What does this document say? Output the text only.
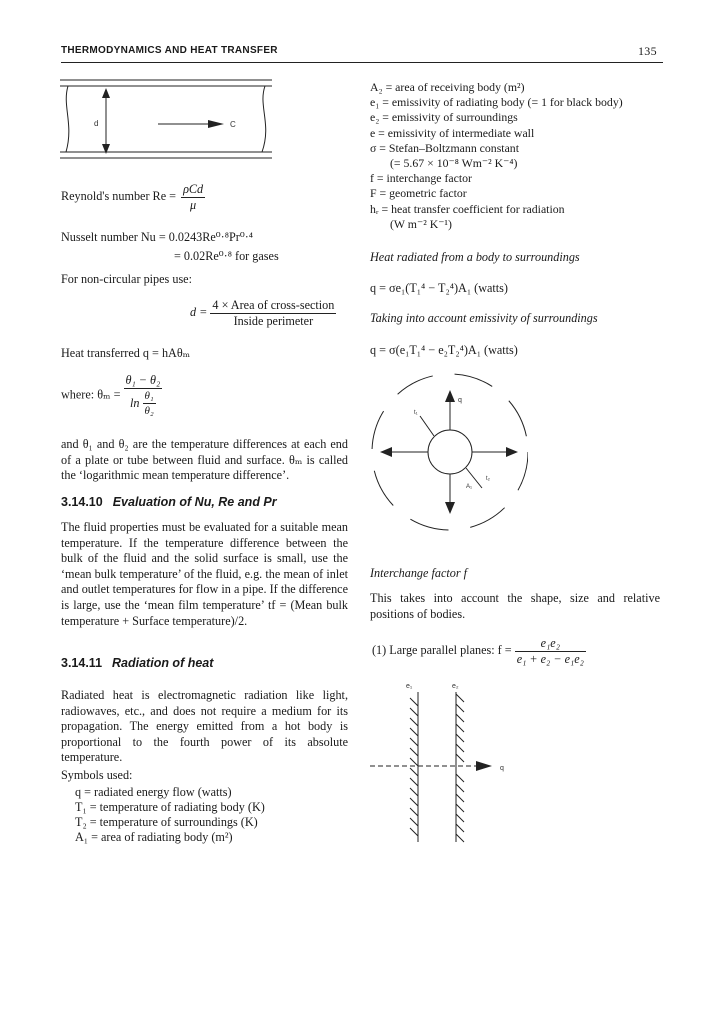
THERMODYNAMICS AND HEAT TRANSFER	135
d	C
Reynold's number $Re = \frac{\text{ρCd}}{\mu}$
Nusselt number Nu = 0.0243Re⁰·⁸Pr⁰·⁴
= 0.02Re⁰·⁸ for gases
For non-circular pipes use:
$d = \frac{\text{4 × Area of cross-section}}{\text{Inside perimeter}}$
Heat transferred q = hAθₘ
where: $\theta_m = \frac{\text{θ₁ − θ₂}}{\ln \frac{\text{θ₁}}{\text{θ₂}}}$
and θ₁ and θ₂ are the temperature differences at each end of a plate or tube between fluid and surface. θₘ is called the ‘logarithmic mean temperature difference’.
3.14.10 Evaluation of Nu, Re and Pr
The fluid properties must be evaluated for a suitable mean temperature. If the temperature difference between the bulk of the fluid and the solid surface is small, use the ‘mean bulk temperature’ of the fluid, e.g. the mean of inlet and outlet temperatures for flow in a pipe. If the difference is large, use the ‘mean film temperature’ tf = (Mean bulk temperature + Surface temperature)/2.
3.14.11 Radiation of heat
Radiated heat is electromagnetic radiation like light, radiowaves, etc., and does not require a medium for its propagation. The energy emitted from a hot body is proportional to the fourth power of its absolute temperature.
Symbols used:
q = radiated energy flow (watts)
T₁ = temperature of radiating body (K)
T₂ = temperature of surroundings (K)
A₁ = area of radiating body (m²)
A₂ = area of receiving body (m²)
e₁ = emissivity of radiating body (= 1 for black body)
e₂ = emissivity of surroundings
e = emissivity of intermediate wall
σ = Stefan–Boltzmann constant
(= 5.67 × 10⁻⁸ Wm⁻² K⁻⁴)
f = interchange factor
F = geometric factor
hᵣ = heat transfer coefficient for radiation
(W m⁻² K⁻¹)
Heat radiated from a body to surroundings
q = σe₁(T₁⁴ − T₂⁴)A₁ (watts)
Taking into account emissivity of surroundings
q = σ(e₁T₁⁴ − e₂T₂⁴)A₁ (watts)
q
t₁
A₁
t₂
Interchange factor f
This takes into account the shape, size and relative positions of bodies.
(1) Large parallel planes: $f = \frac{\text{e₁e₂}}{\text{e₁ + e₂ − e₁e₂}}$
e₁	e₂
q
